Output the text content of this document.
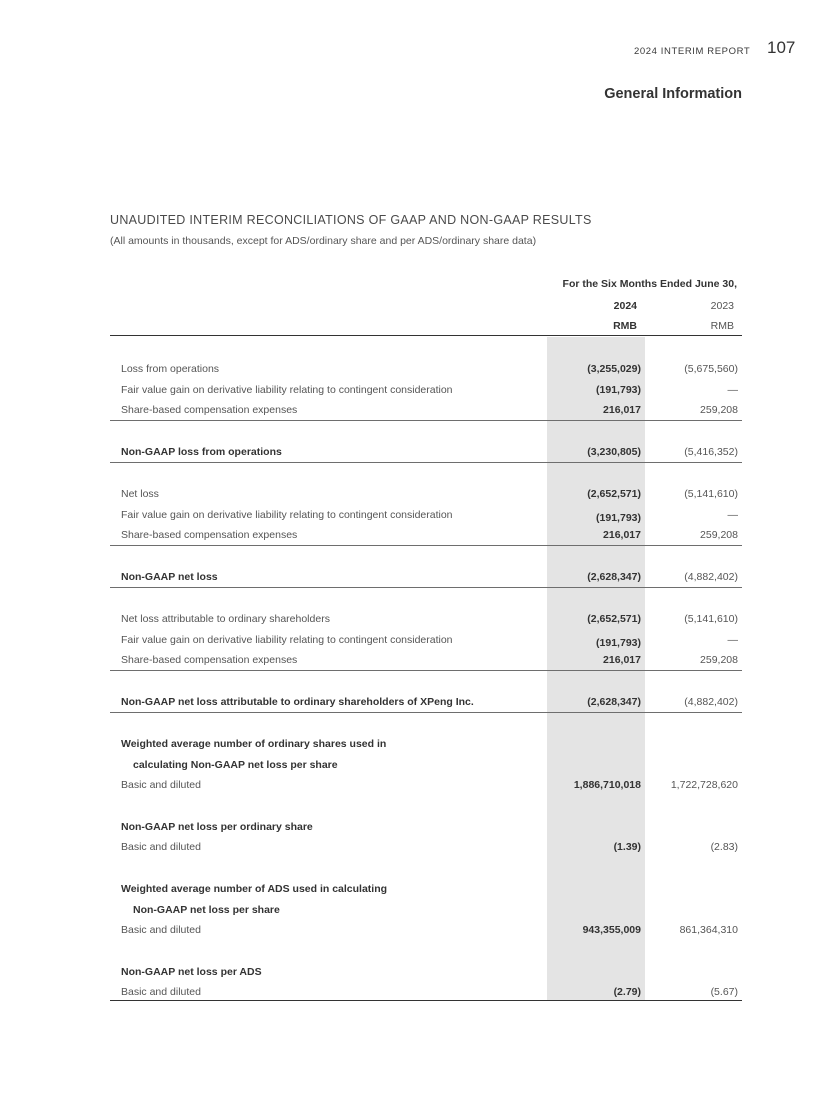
2024 INTERIM REPORT 107
General Information
UNAUDITED INTERIM RECONCILIATIONS OF GAAP AND NON-GAAP RESULTS
(All amounts in thousands, except for ADS/ordinary share and per ADS/ordinary share data)
For the Six Months Ended June 30,
2024	2023
RMB	RMB
Loss from operations	(3,255,029)	(5,675,560)
Fair value gain on derivative liability relating to contingent consideration	(191,793)	—
Share-based compensation expenses	216,017	259,208
Non-GAAP loss from operations	(3,230,805)	(5,416,352)
Net loss	(2,652,571)	(5,141,610)
Fair value gain on derivative liability relating to contingent consideration	(191,793)	—
Share-based compensation expenses	216,017	259,208
Non-GAAP net loss	(2,628,347)	(4,882,402)
Net loss attributable to ordinary shareholders	(2,652,571)	(5,141,610)
Fair value gain on derivative liability relating to contingent consideration	(191,793)	—
Share-based compensation expenses	216,017	259,208
Non-GAAP net loss attributable to ordinary shareholders of XPeng Inc.	(2,628,347)	(4,882,402)
Weighted average number of ordinary shares used in
calculating Non-GAAP net loss per share
Basic and diluted	1,886,710,018	1,722,728,620
Non-GAAP net loss per ordinary share
Basic and diluted	(1.39)	(2.83)
Weighted average number of ADS used in calculating
Non-GAAP net loss per share
Basic and diluted	943,355,009	861,364,310
Non-GAAP net loss per ADS
Basic and diluted	(2.79)	(5.67)
